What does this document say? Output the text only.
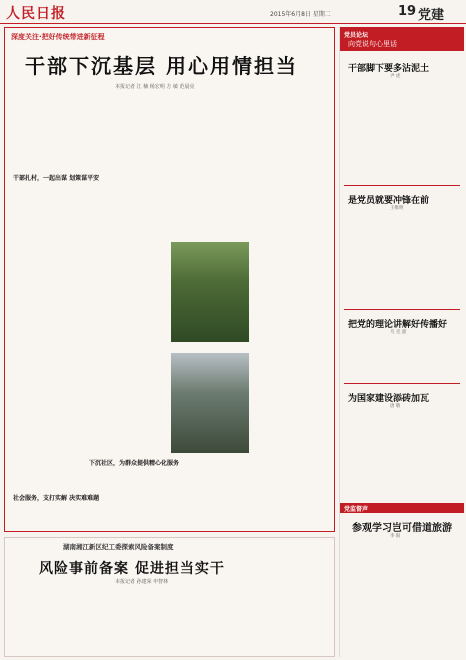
人民日报	2015年6月8日 星期二	19 党建
深度关注·把好传统带进新征程
干部下沉基层 用心用情担当
本报记者 江 楠 杨宏明 方 敏 范晨亮
干部扎村，一起出谋 划策谋平安
下沉社区，为群众提供精心化服务
社会服务，支打实解 决实难难题
湖南湘江新区纪工委探索风险备案制度
风险事前备案 促进担当实干
本报记者 孙建荣 申智林
党员论坛
向党说句心里话
干部脚下要多沾泥土
尹 虎
是党员就要冲锋在前
王维明
把党的理论讲解好传播好
乌 克 旋
为国家建设添砖加瓦
唐 敬
党监督声
参观学习岂可借道旅游
李 阳
